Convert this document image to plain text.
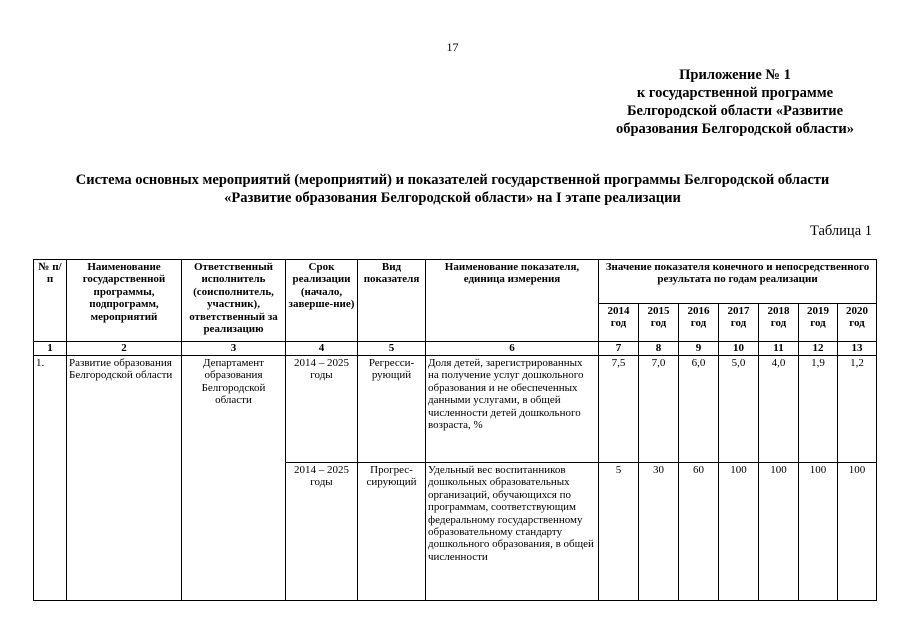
17
Приложение № 1
к государственной программе
Белгородской области «Развитие
образования Белгородской области»
Система основных мероприятий (мероприятий) и показателей государственной программы Белгородской области
«Развитие образования Белгородской области» на I этапе реализации
Таблица 1
№ п/п	Наименование государственной программы, подпрограмм, мероприятий	Ответственный исполнитель (соисполнитель, участник), ответственный за реализацию	Срок реализации (начало, заверше-ние)	Вид показателя	Наименование показателя, единица измерения	Значение показателя конечного и непосредственного результата по годам реализации						
						2014 год	2015 год	2016 год	2017 год	2018 год	2019 год	2020 год
1	2	3	4	5	6	7	8	9	10	11	12	13
1.	Развитие образования Белгородской области	Департамент образования Белгородской области	2014 – 2025 годы	Регресси-рующий	Доля детей, зарегистрированных на получение услуг дошкольного образования и не обеспеченных данными услугами, в общей численности детей дошкольного возраста, %	7,5	7,0	6,0	5,0	4,0	1,9	1,2
			2014 – 2025 годы	Прогрес-сирующий	Удельный вес воспитанников дошкольных образовательных организаций, обучающихся по программам, соответствующим федеральному государственному образовательному стандарту дошкольного образования, в общей численности	5	30	60	100	100	100	100
